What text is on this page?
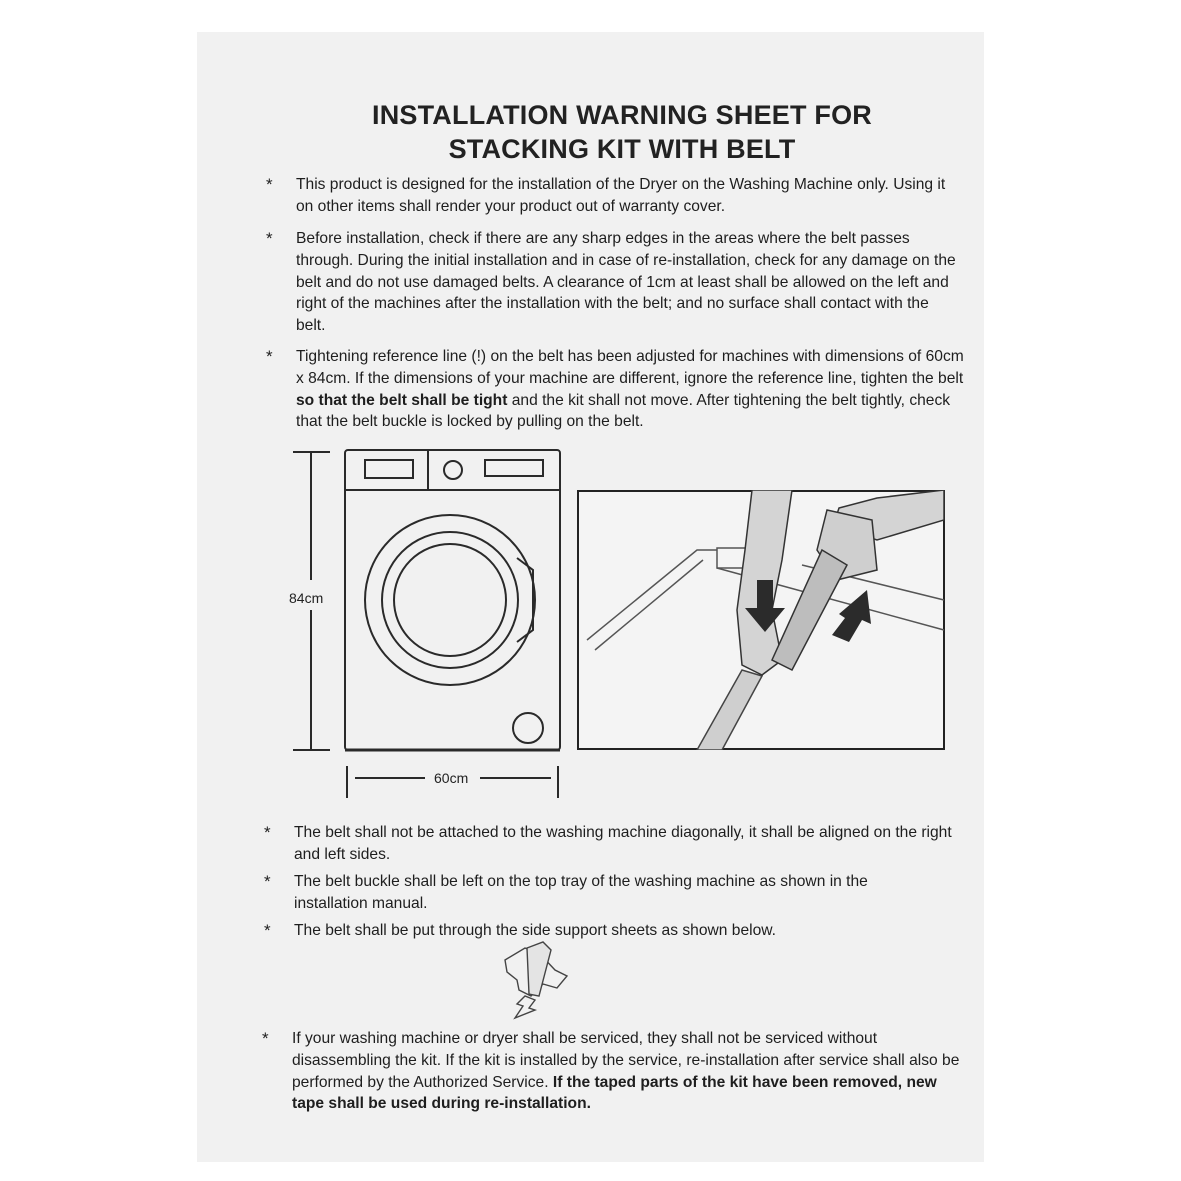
INSTALLATION WARNING SHEET FOR
STACKING KIT WITH BELT
* This product is designed for the installation of the Dryer on the Washing Machine only. Using it on other items shall render your product out of warranty cover.
* Before installation, check if there are any sharp edges in the areas where the belt passes through. During the initial installation and in case of re-installation, check for any damage on the belt and do not use damaged belts. A clearance of 1cm at least shall be allowed on the left and right of the machines after the installation with the belt; and no surface shall contact with the belt.
* Tightening reference line (!) on the belt has been adjusted for machines with dimensions of 60cm x 84cm. If the dimensions of your machine are different, ignore the reference line, tighten the belt so that the belt shall be tight and the kit shall not move. After tightening the belt tightly, check that the belt buckle is locked by pulling on the belt.
84cm
60cm
* The belt shall not be attached to the washing machine diagonally, it shall be aligned on the right and left sides.
* The belt buckle shall be left on the top tray of the washing machine as shown in the installation manual.
* The belt shall be put through the side support sheets as shown below.
* If your washing machine or dryer shall be serviced, they shall not be serviced without disassembling the kit. If the kit is installed by the service, re-installation after service shall also be performed by the Authorized Service. If the taped parts of the kit have been removed, new tape shall be used during re-installation.
